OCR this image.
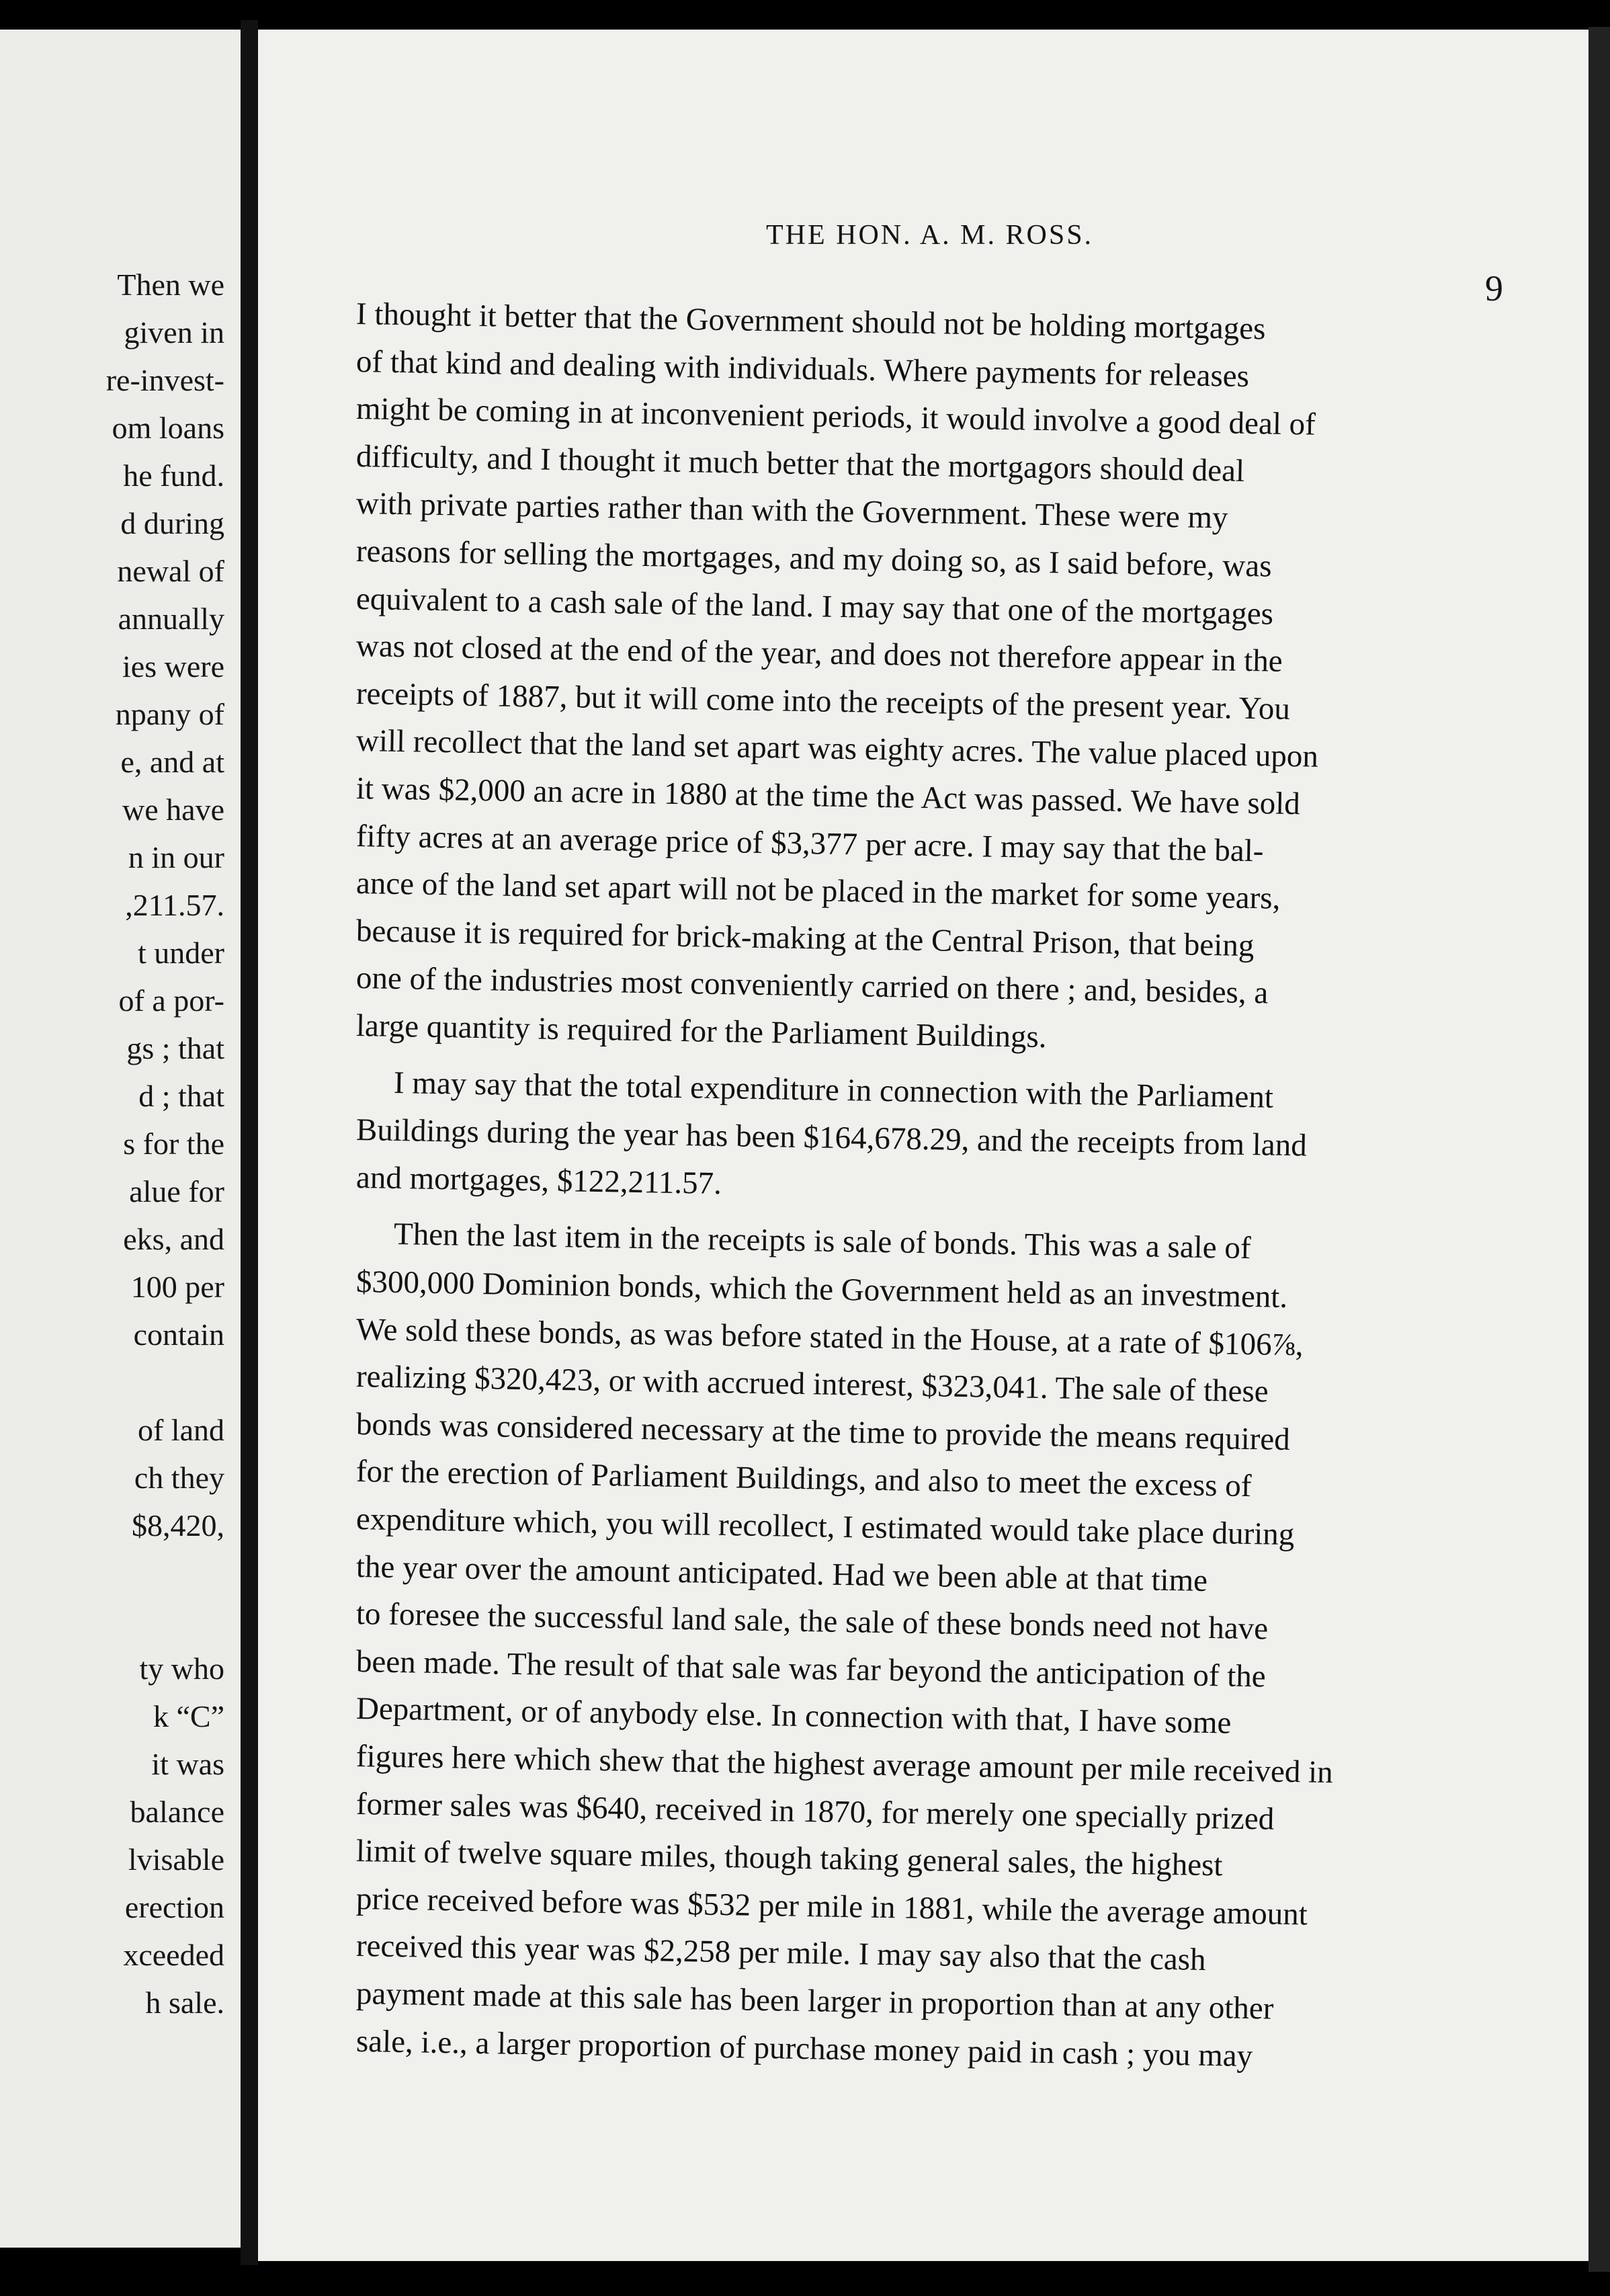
Then we

given in

re-invest-

om loans

he fund.

d during

newal of

annually

ies were

npany of

e, and at

we have

n in our

,211.57.

t under

of a por-

gs ; that

d ; that

s for the

alue for

eks, and

100 per

contain

of land

ch they

$8,420,

ty who

k “C”

it was

balance

lvisable

erection

xceeded

h sale.

THE HON. A. M. ROSS.

9

I thought it better that the Government should not be holding mortgages

of that kind and dealing with individuals. Where payments for releases

might be coming in at inconvenient periods, it would involve a good deal of

difficulty, and I thought it much better that the mortgagors should deal

with private parties rather than with the Government. These were my

reasons for selling the mortgages, and my doing so, as I said before, was

equivalent to a cash sale of the land. I may say that one of the mortgages

was not closed at the end of the year, and does not therefore appear in the

receipts of 1887, but it will come into the receipts of the present year. You

will recollect that the land set apart was eighty acres. The value placed upon

it was $2,000 an acre in 1880 at the time the Act was passed. We have sold

fifty acres at an average price of $3,377 per acre. I may say that the bal-

ance of the land set apart will not be placed in the market for some years,

because it is required for brick-making at the Central Prison, that being

one of the industries most conveniently carried on there ; and, besides, a

large quantity is required for the Parliament Buildings.

I may say that the total expenditure in connection with the Parliament

Buildings during the year has been $164,678.29, and the receipts from land

and mortgages, $122,211.57.

Then the last item in the receipts is sale of bonds. This was a sale of

$300,000 Dominion bonds, which the Government held as an investment.

We sold these bonds, as was before stated in the House, at a rate of $106⅞,

realizing $320,423, or with accrued interest, $323,041. The sale of these

bonds was considered necessary at the time to provide the means required

for the erection of Parliament Buildings, and also to meet the excess of

expenditure which, you will recollect, I estimated would take place during

the year over the amount anticipated. Had we been able at that time

to foresee the successful land sale, the sale of these bonds need not have

been made. The result of that sale was far beyond the anticipation of the

Department, or of anybody else. In connection with that, I have some

figures here which shew that the highest average amount per mile received in

former sales was $640, received in 1870, for merely one specially prized

limit of twelve square miles, though taking general sales, the highest

price received before was $532 per mile in 1881, while the average amount

received this year was $2,258 per mile. I may say also that the cash

payment made at this sale has been larger in proportion than at any other

sale, i.e., a larger proportion of purchase money paid in cash ; you may
